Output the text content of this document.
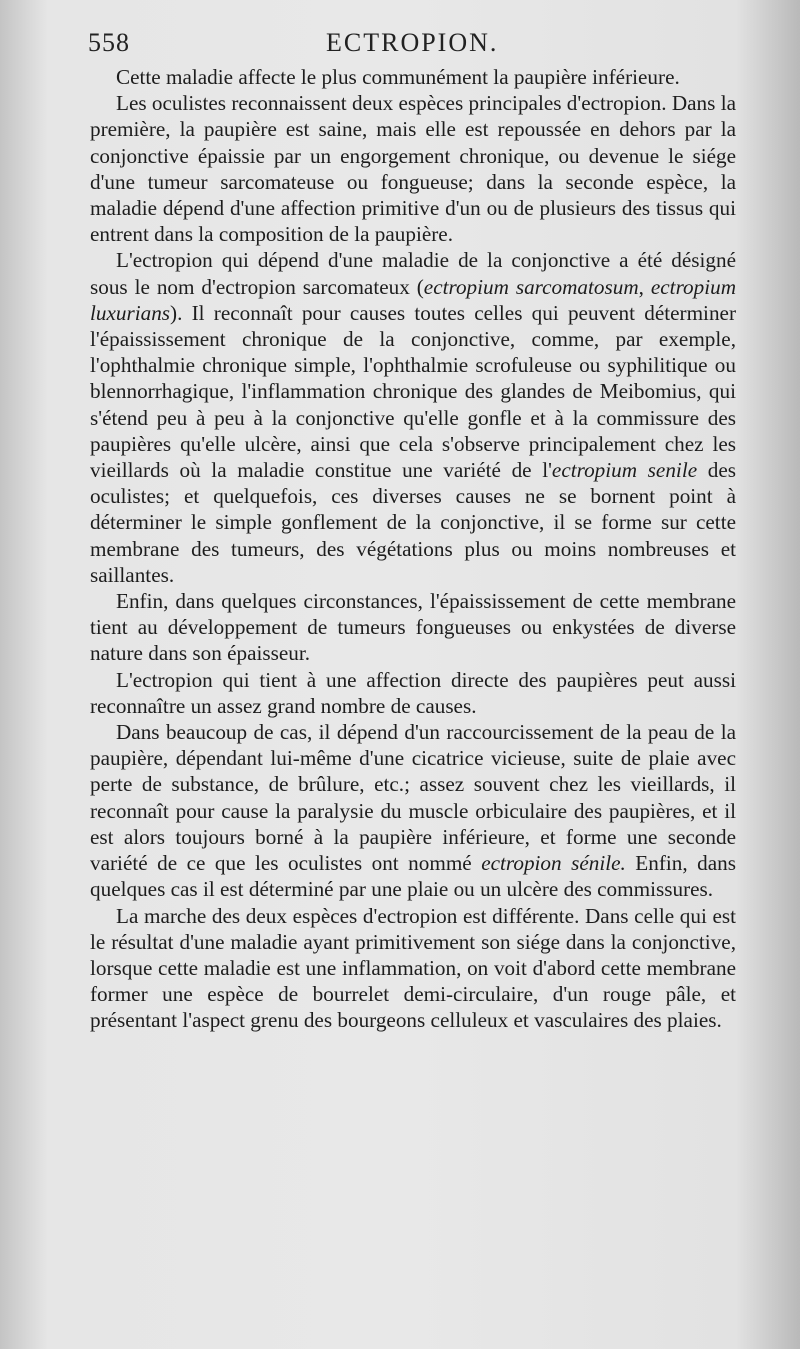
558	ECTROPION.

Cette maladie affecte le plus communément la paupière inférieure.

Les oculistes reconnaissent deux espèces principales d'ectropion. Dans la première, la paupière est saine, mais elle est repoussée en dehors par la conjonctive épaissie par un engorgement chronique, ou devenue le siége d'une tumeur sarcomateuse ou fongueuse; dans la seconde espèce, la maladie dépend d'une affection primitive d'un ou de plusieurs des tissus qui entrent dans la composition de la paupière.

L'ectropion qui dépend d'une maladie de la conjonctive a été désigné sous le nom d'ectropion sarcomateux (ectropium sarcomatosum, ectropium luxurians). Il reconnaît pour causes toutes celles qui peuvent déterminer l'épaississement chronique de la conjonctive, comme, par exemple, l'ophthalmie chronique simple, l'ophthalmie scrofuleuse ou syphilitique ou blennorrhagique, l'inflammation chronique des glandes de Meibomius, qui s'étend peu à peu à la conjonctive qu'elle gonfle et à la commissure des paupières qu'elle ulcère, ainsi que cela s'observe principalement chez les vieillards où la maladie constitue une variété de l'ectropium senile des oculistes; et quelquefois, ces diverses causes ne se bornent point à déterminer le simple gonflement de la conjonctive, il se forme sur cette membrane des tumeurs, des végétations plus ou moins nombreuses et saillantes.

Enfin, dans quelques circonstances, l'épaississement de cette membrane tient au développement de tumeurs fongueuses ou enkystées de diverse nature dans son épaisseur.

L'ectropion qui tient à une affection directe des paupières peut aussi reconnaître un assez grand nombre de causes.

Dans beaucoup de cas, il dépend d'un raccourcissement de la peau de la paupière, dépendant lui-même d'une cicatrice vicieuse, suite de plaie avec perte de substance, de brûlure, etc.; assez souvent chez les vieillards, il reconnaît pour cause la paralysie du muscle orbiculaire des paupières, et il est alors toujours borné à la paupière inférieure, et forme une seconde variété de ce que les oculistes ont nommé ectropion sénile. Enfin, dans quelques cas il est déterminé par une plaie ou un ulcère des commissures.

La marche des deux espèces d'ectropion est différente. Dans celle qui est le résultat d'une maladie ayant primitivement son siége dans la conjonctive, lorsque cette maladie est une inflammation, on voit d'abord cette membrane former une espèce de bourrelet demi-circulaire, d'un rouge pâle, et présentant l'aspect grenu des bourgeons celluleux et vasculaires des plaies.
